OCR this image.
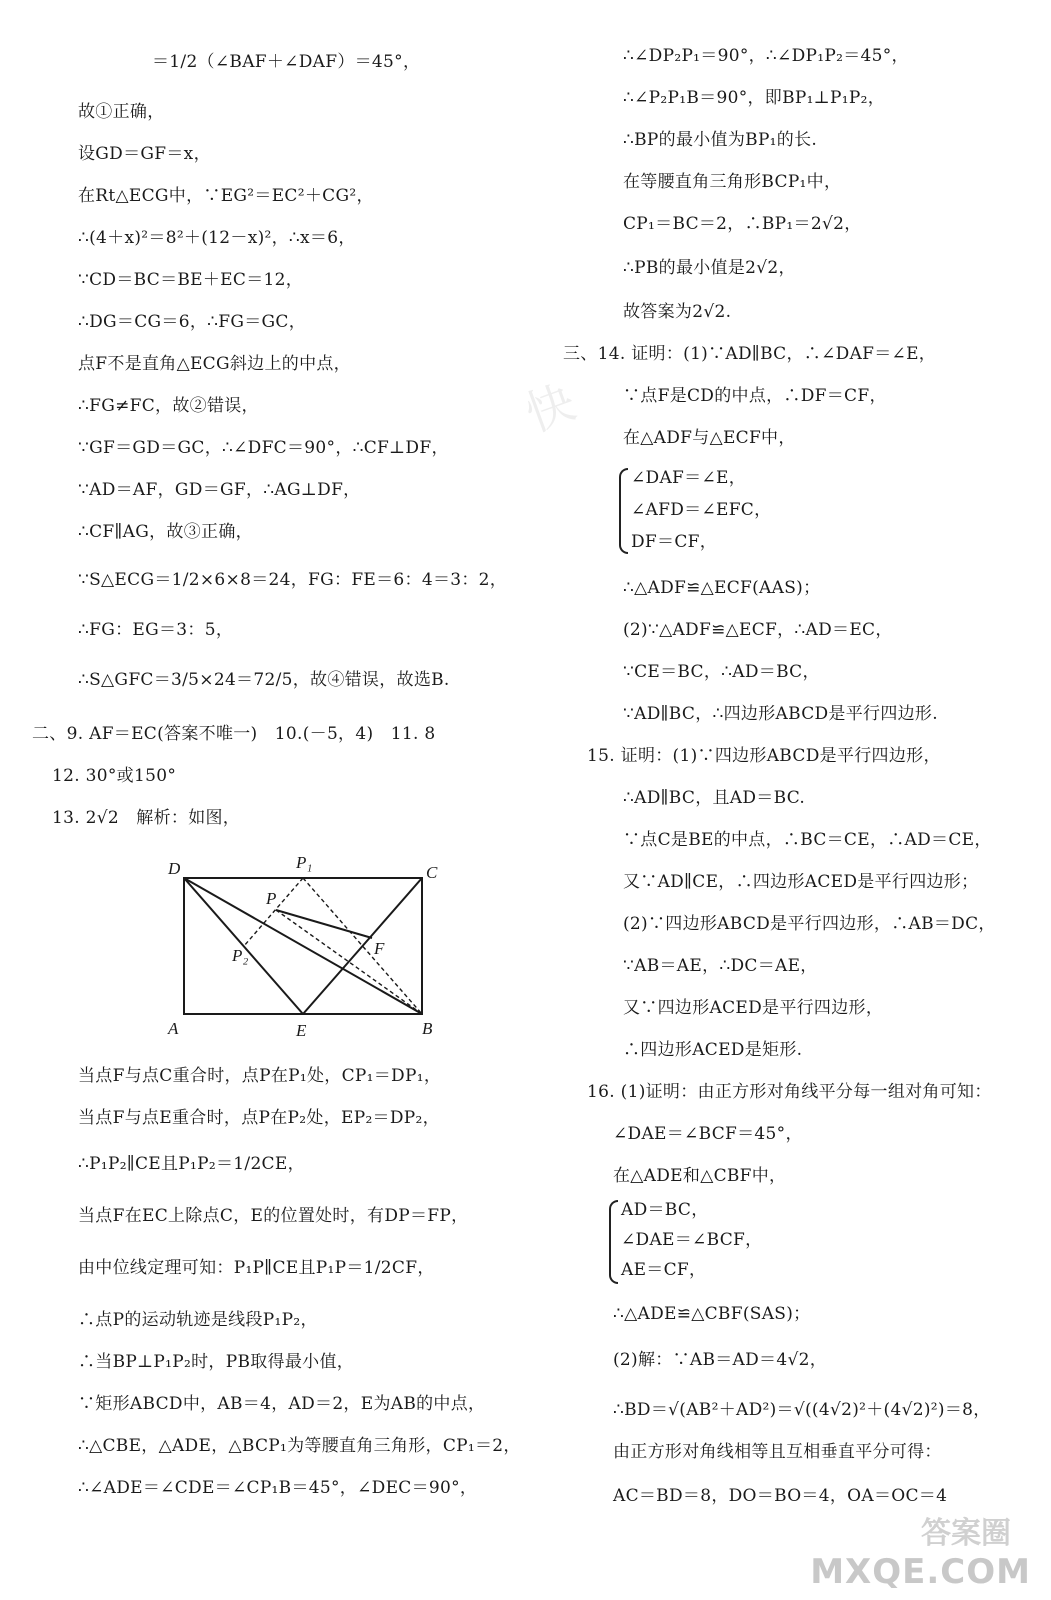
＝1/2（∠BAF＋∠DAF）＝45°，
故①正确，
设GD＝GF＝x，
在Rt△ECG中，∵EG²＝EC²＋CG²，
∴(4＋x)²＝8²＋(12－x)²，∴x＝6，
∵CD＝BC＝BE＋EC＝12，
∴DG＝CG＝6，∴FG＝GC，
点F不是直角△ECG斜边上的中点，
∴FG≠FC，故②错误，
∵GF＝GD＝GC，∴∠DFC＝90°，∴CF⊥DF，
∵AD＝AF，GD＝GF，∴AG⊥DF，
∴CF∥AG，故③正确，
∵S△ECG＝1/2×6×8＝24，FG：FE＝6：4＝3：2，
∴FG：EG＝3：5，
∴S△GFC＝3/5×24＝72/5，故④错误，故选B.
二、9. AF＝EC(答案不唯一)　10.(－5，4)　11. 8
12. 30°或150°
13. 2√2　解析：如图，
D	P₁
C
P
F
P₂
A	E	B
当点F与点C重合时，点P在P₁处，CP₁＝DP₁，
当点F与点E重合时，点P在P₂处，EP₂＝DP₂，
∴P₁P₂∥CE且P₁P₂＝1/2CE，
当点F在EC上除点C，E的位置处时，有DP＝FP，
由中位线定理可知：P₁P∥CE且P₁P＝1/2CF，
∴点P的运动轨迹是线段P₁P₂，
∴当BP⊥P₁P₂时，PB取得最小值，
∵矩形ABCD中，AB＝4，AD＝2，E为AB的中点，
∴△CBE，△ADE，△BCP₁为等腰直角三角形，CP₁＝2，
∴∠ADE＝∠CDE＝∠CP₁B＝45°，∠DEC＝90°，
∴∠DP₂P₁＝90°，∴∠DP₁P₂＝45°，
∴∠P₂P₁B＝90°，即BP₁⊥P₁P₂，
∴BP的最小值为BP₁的长.
在等腰直角三角形BCP₁中，
CP₁＝BC＝2，∴BP₁＝2√2，
∴PB的最小值是2√2，
故答案为2√2.
三、14. 证明：(1)∵AD∥BC，∴∠DAF＝∠E，
∵点F是CD的中点，∴DF＝CF，
在△ADF与△ECF中，
∠DAF＝∠E，
∠AFD＝∠EFC，
DF＝CF，
∴△ADF≌△ECF(AAS)；
(2)∵△ADF≌△ECF，∴AD＝EC，
∵CE＝BC，∴AD＝BC，
∵AD∥BC，∴四边形ABCD是平行四边形.
15. 证明：(1)∵四边形ABCD是平行四边形，
∴AD∥BC，且AD＝BC.
∵点C是BE的中点，∴BC＝CE，∴AD＝CE，
又∵AD∥CE，∴四边形ACED是平行四边形；
(2)∵四边形ABCD是平行四边形，∴AB＝DC，
∵AB＝AE，∴DC＝AE，
又∵四边形ACED是平行四边形，
∴四边形ACED是矩形.
16. (1)证明：由正方形对角线平分每一组对角可知：
∠DAE＝∠BCF＝45°，
在△ADE和△CBF中，
AD＝BC，
∠DAE＝∠BCF，
AE＝CF，
∴△ADE≌△CBF(SAS)；
(2)解：∵AB＝AD＝4√2，
∴BD＝√(AB²＋AD²)＝√((4√2)²＋(4√2)²)＝8，
由正方形对角线相等且互相垂直平分可得：
AC＝BD＝8，DO＝BO＝4，OA＝OC＝4
快
答案圈
MXQE.COM
